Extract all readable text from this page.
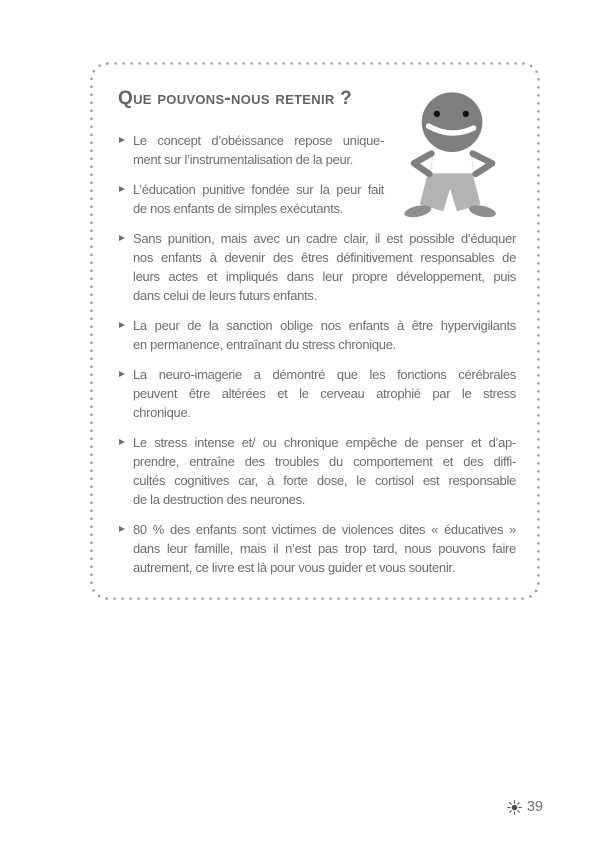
Que pouvons-nous retenir ?
Le concept d’obéissance repose unique-
ment sur l’instrumentalisation de la peur.
L’éducation punitive fondée sur la peur fait
de nos enfants de simples exécutants.
Sans punition, mais avec un cadre clair, il est possible d’éduquer
nos enfants à devenir des êtres définitivement responsables de
leurs actes et impliqués dans leur propre développement, puis
dans celui de leurs futurs enfants.
La peur de la sanction oblige nos enfants à être hypervigilants
en permanence, entraînant du stress chronique.
La neuro-imagerie a démontré que les fonctions cérébrales
peuvent être altérées et le cerveau atrophié par le stress
chronique.
Le stress intense et/ ou chronique empêche de penser et d’ap-
prendre, entraîne des troubles du comportement et des diffi-
cultés cognitives car, à forte dose, le cortisol est responsable
de la destruction des neurones.
80 % des enfants sont victimes de violences dites « éducatives »
dans leur famille, mais il n’est pas trop tard, nous pouvons faire
autrement, ce livre est là pour vous guider et vous soutenir.
39
